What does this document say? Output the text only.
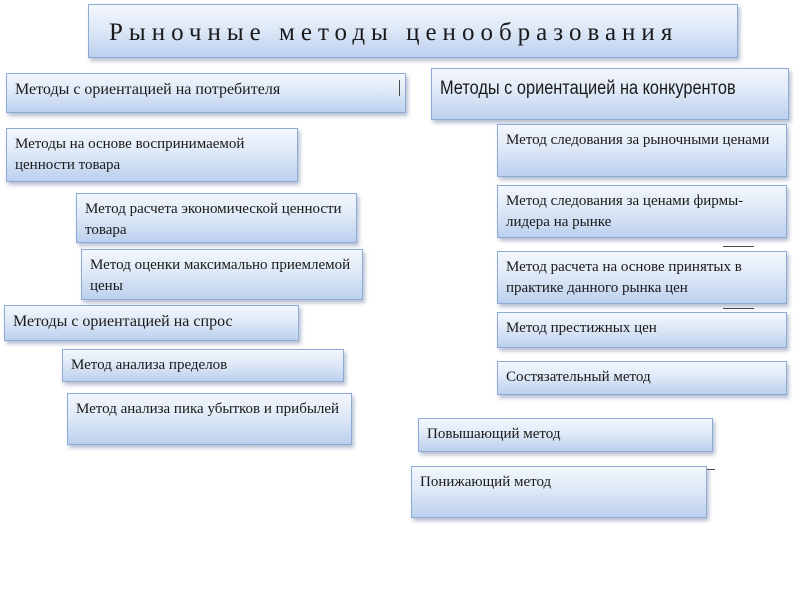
Рыночные методы ценообразования
Методы с ориентацией на потребителя
Методы на основе воспринимаемой ценности товара
Метод расчета экономической ценности товара
Метод оценки максимально приемлемой цены
Методы с ориентацией на спрос
Метод анализа пределов
Метод анализа пика убытков и прибылей
Методы с ориентацией на конкурентов
Метод следования за рыночными ценами
Метод следования за ценами фирмы-лидера на рынке
Метод расчета на основе принятых в практике данного рынка цен
Метод престижных цен
Состязательный метод
Повышающий метод
Понижающий метод
